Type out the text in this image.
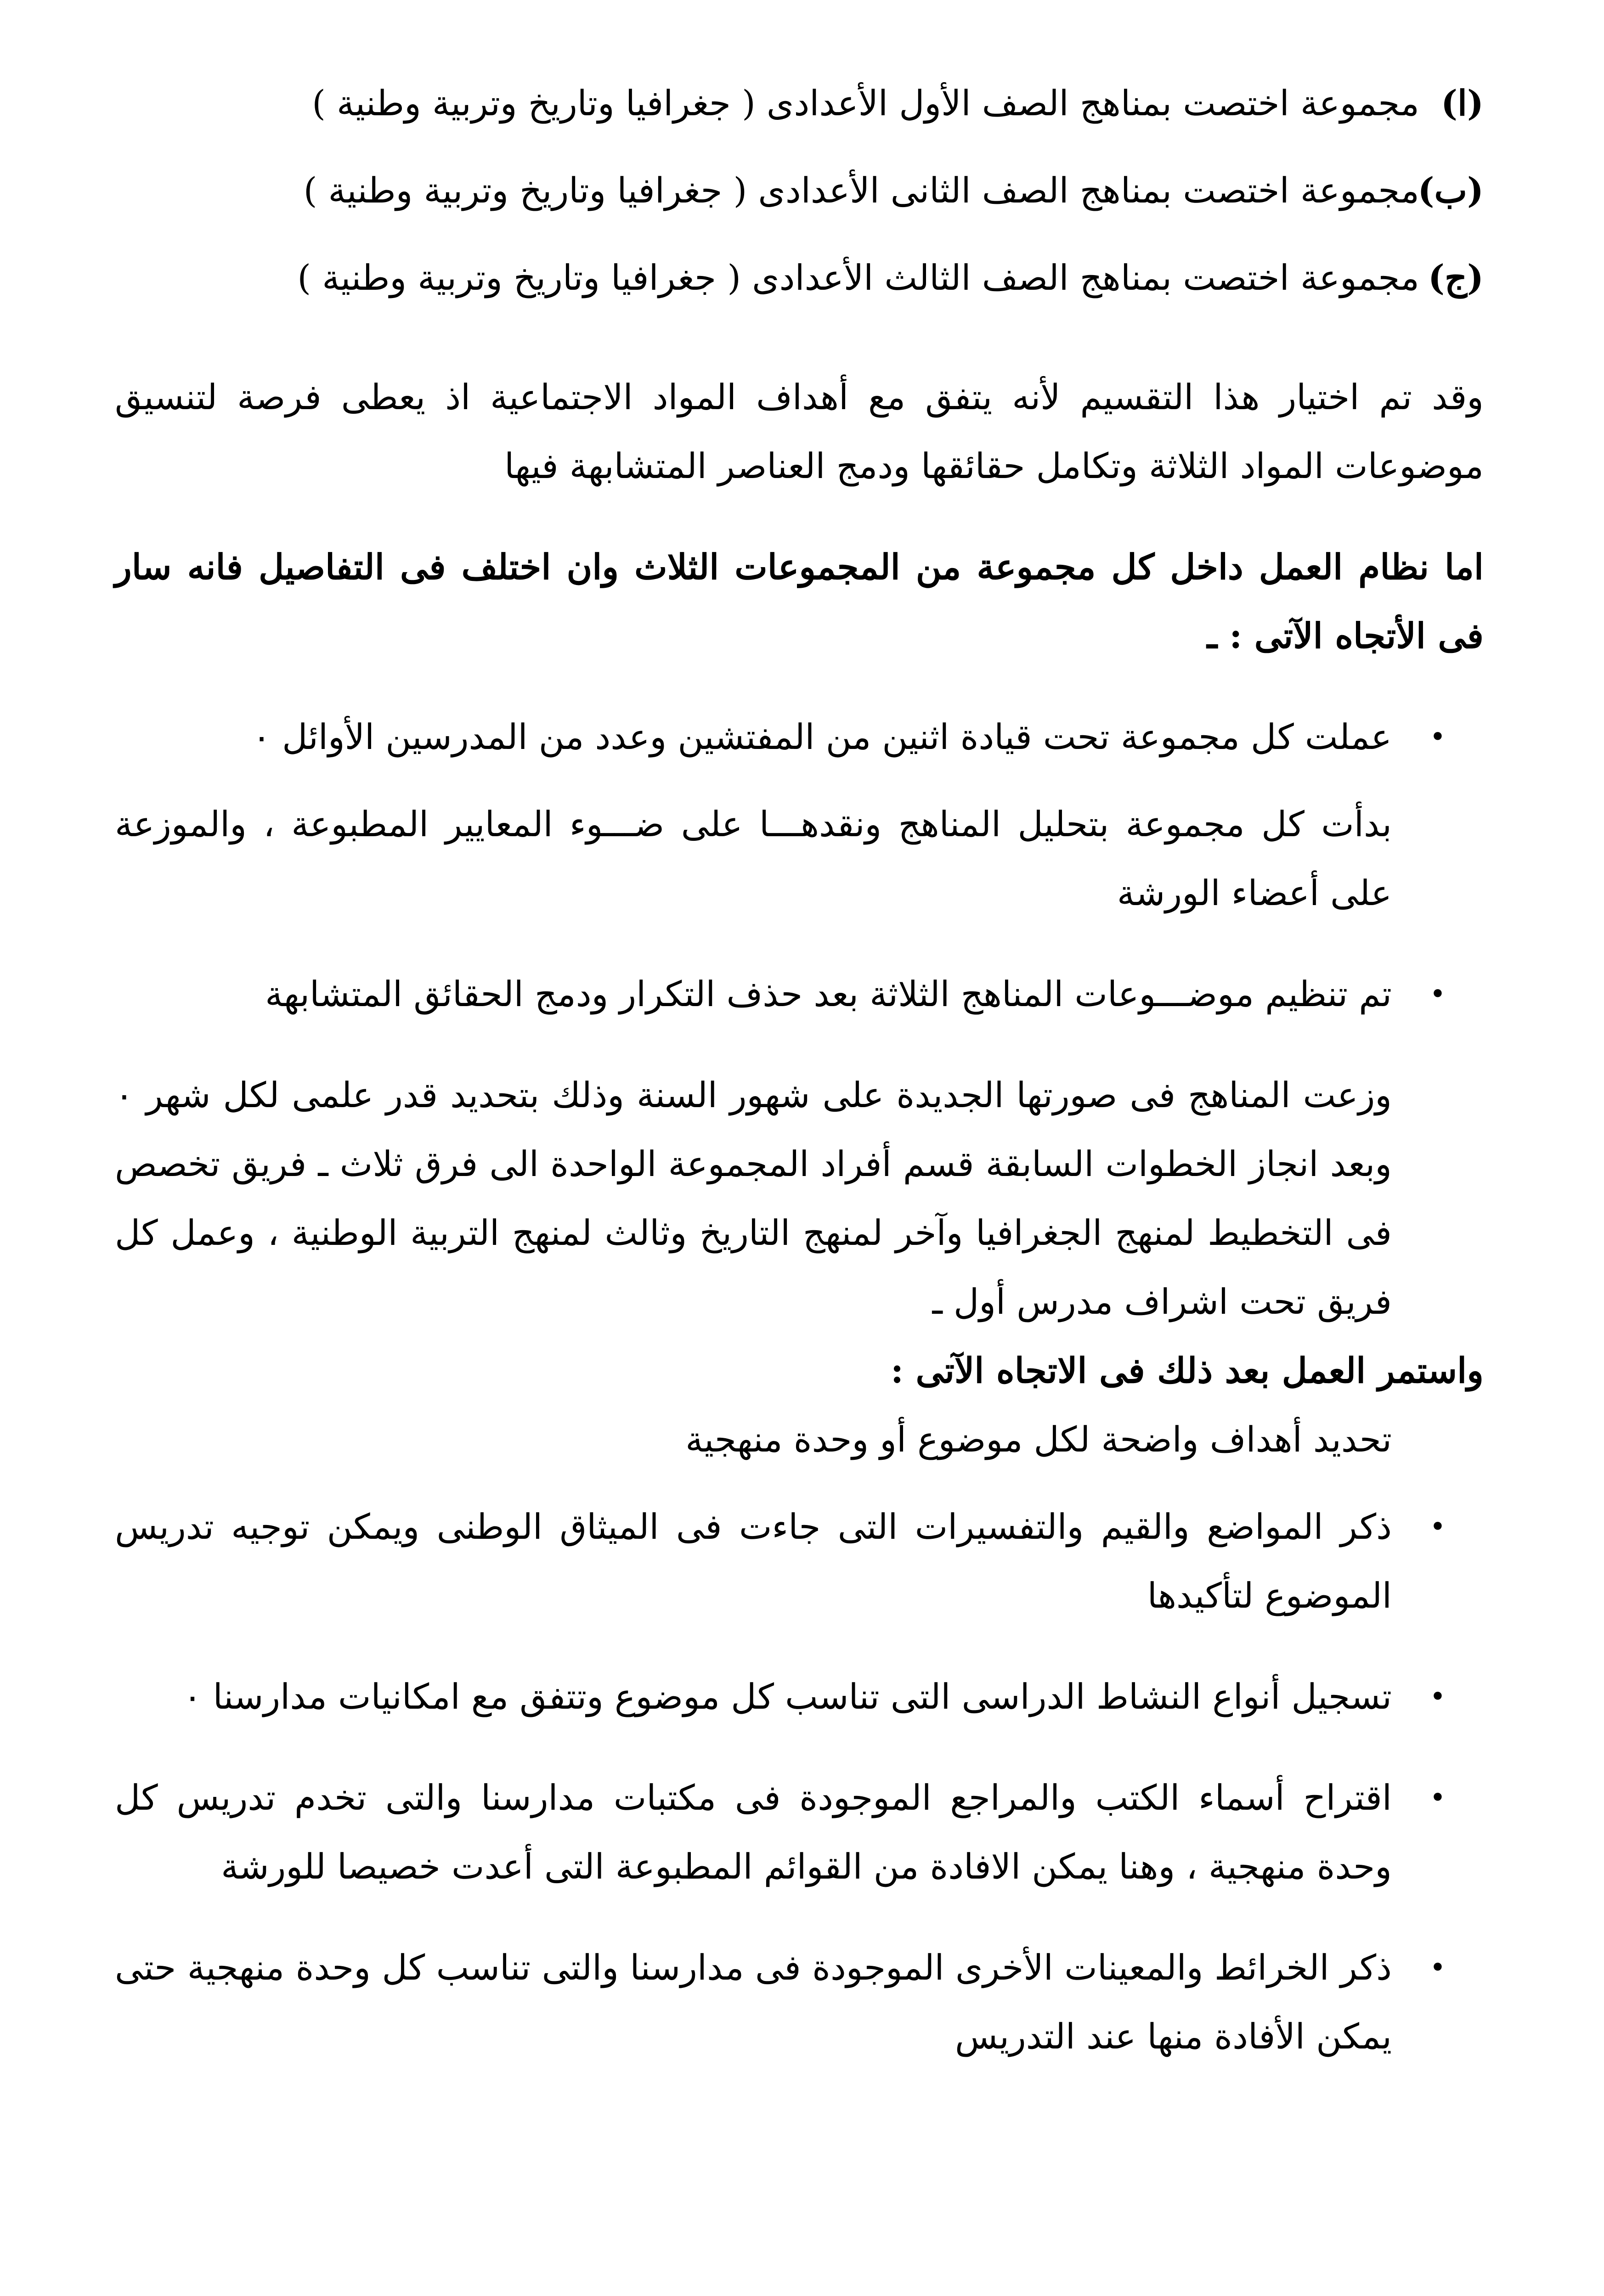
(ا)
مجموعة اختصت بمناهج الصف الأول الأعدادى ( جغرافيا وتاريخ وتربية وطنية )
(ب)
مجموعة اختصت بمناهج الصف الثانى الأعدادى ( جغرافيا وتاريخ وتربية وطنية )
(ج)
مجموعة اختصت بمناهج الصف الثالث الأعدادى ( جغرافيا وتاريخ وتربية وطنية )

وقد تم اختيار هذا التقسيم لأنه يتفق مع أهداف المواد الاجتماعية اذ يعطى فرصة لتنسيق موضوعات المواد الثلاثة وتكامل حقائقها ودمج العناصر المتشابهة فيها

اما نظام العمل داخل كل مجموعة من المجموعات الثلاث وان اختلف فى التفاصيل فانه سار فى الأتجاه الآتى : ـ

•
عملت كل مجموعة تحت قيادة اثنين من المفتشين وعدد من المدرسين الأوائل ٠

بدأت كل مجموعة بتحليل المناهج ونقدهـــا على ضـــوء المعايير المطبوعة ، والموزعة على أعضاء الورشة

•
تم تنظيم موضـــوعات المناهج الثلاثة بعد حذف التكرار ودمج الحقائق المتشابهة

وزعت المناهج فى صورتها الجديدة على شهور السنة وذلك بتحديد قدر علمى لكل شهر ٠ وبعد انجاز الخطوات السابقة قسم أفراد المجموعة الواحدة الى فرق ثلاث ـ فريق تخصص فى التخطيط لمنهج الجغرافيا وآخر لمنهج التاريخ وثالث لمنهج التربية الوطنية ، وعمل كل فريق تحت اشراف مدرس أول ـ

واستمر العمل بعد ذلك فى الاتجاه الآتى :

تحديد أهداف واضحة لكل موضوع أو وحدة منهجية

•
ذكر المواضع والقيم والتفسيرات التى جاءت فى الميثاق الوطنى ويمكن توجيه تدريس الموضوع لتأكيدها
•
تسجيل أنواع النشاط الدراسى التى تناسب كل موضوع وتتفق مع امكانيات مدارسنا ٠
•
اقتراح أسماء الكتب والمراجع الموجودة فى مكتبات مدارسنا والتى تخدم تدريس كل وحدة منهجية ، وهنا يمكن الافادة من القوائم المطبوعة التى أعدت خصيصا للورشة
•
ذكر الخرائط والمعينات الأخرى الموجودة فى مدارسنا والتى تناسب كل وحدة منهجية حتى يمكن الأفادة منها عند التدريس
